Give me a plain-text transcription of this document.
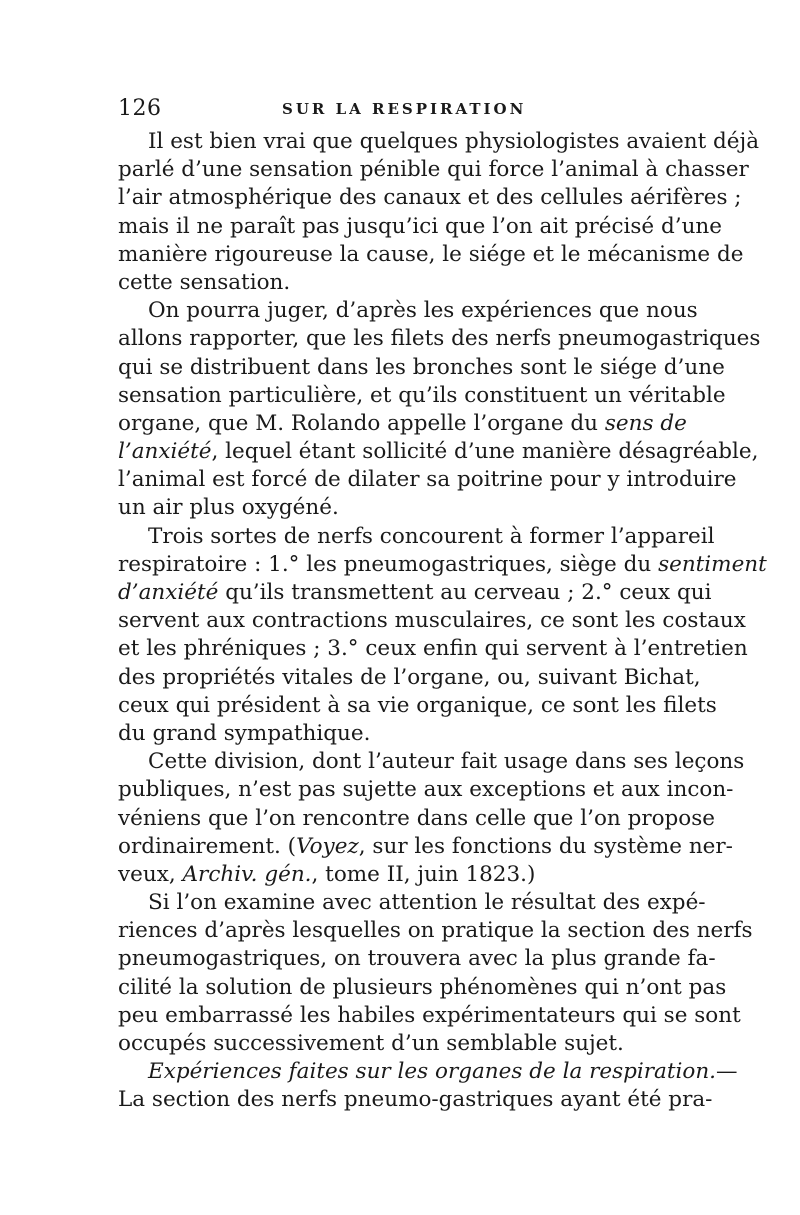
126	SUR LA RESPIRATION
Il est bien vrai que quelques physiologistes avaient déjà
parlé d’une sensation pénible qui force l’animal à chasser
l’air atmosphérique des canaux et des cellules aérifères ;
mais il ne paraît pas jusqu’ici que l’on ait précisé d’une
manière rigoureuse la cause, le siége et le mécanisme de
cette sensation.
On pourra juger, d’après les expériences que nous
allons rapporter, que les filets des nerfs pneumogastriques
qui se distribuent dans les bronches sont le siége d’une
sensation particulière, et qu’ils constituent un véritable
organe, que M. Rolando appelle l’organe du sens de
l’anxiété, lequel étant sollicité d’une manière désagréable,
l’animal est forcé de dilater sa poitrine pour y introduire
un air plus oxygéné.
Trois sortes de nerfs concourent à former l’appareil
respiratoire : 1.° les pneumogastriques, siège du sentiment
d’anxiété qu’ils transmettent au cerveau ; 2.° ceux qui
servent aux contractions musculaires, ce sont les costaux
et les phréniques ; 3.° ceux enfin qui servent à l’entretien
des propriétés vitales de l’organe, ou, suivant Bichat,
ceux qui président à sa vie organique, ce sont les filets
du grand sympathique.
Cette division, dont l’auteur fait usage dans ses leçons
publiques, n’est pas sujette aux exceptions et aux incon-
véniens que l’on rencontre dans celle que l’on propose
ordinairement. (Voyez, sur les fonctions du système ner-
veux, Archiv. gén., tome II, juin 1823.)
Si l’on examine avec attention le résultat des expé-
riences d’après lesquelles on pratique la section des nerfs
pneumogastriques, on trouvera avec la plus grande fa-
cilité la solution de plusieurs phénomènes qui n’ont pas
peu embarrassé les habiles expérimentateurs qui se sont
occupés successivement d’un semblable sujet.
Expériences faites sur les organes de la respiration.—
La section des nerfs pneumo-gastriques ayant été pra-
